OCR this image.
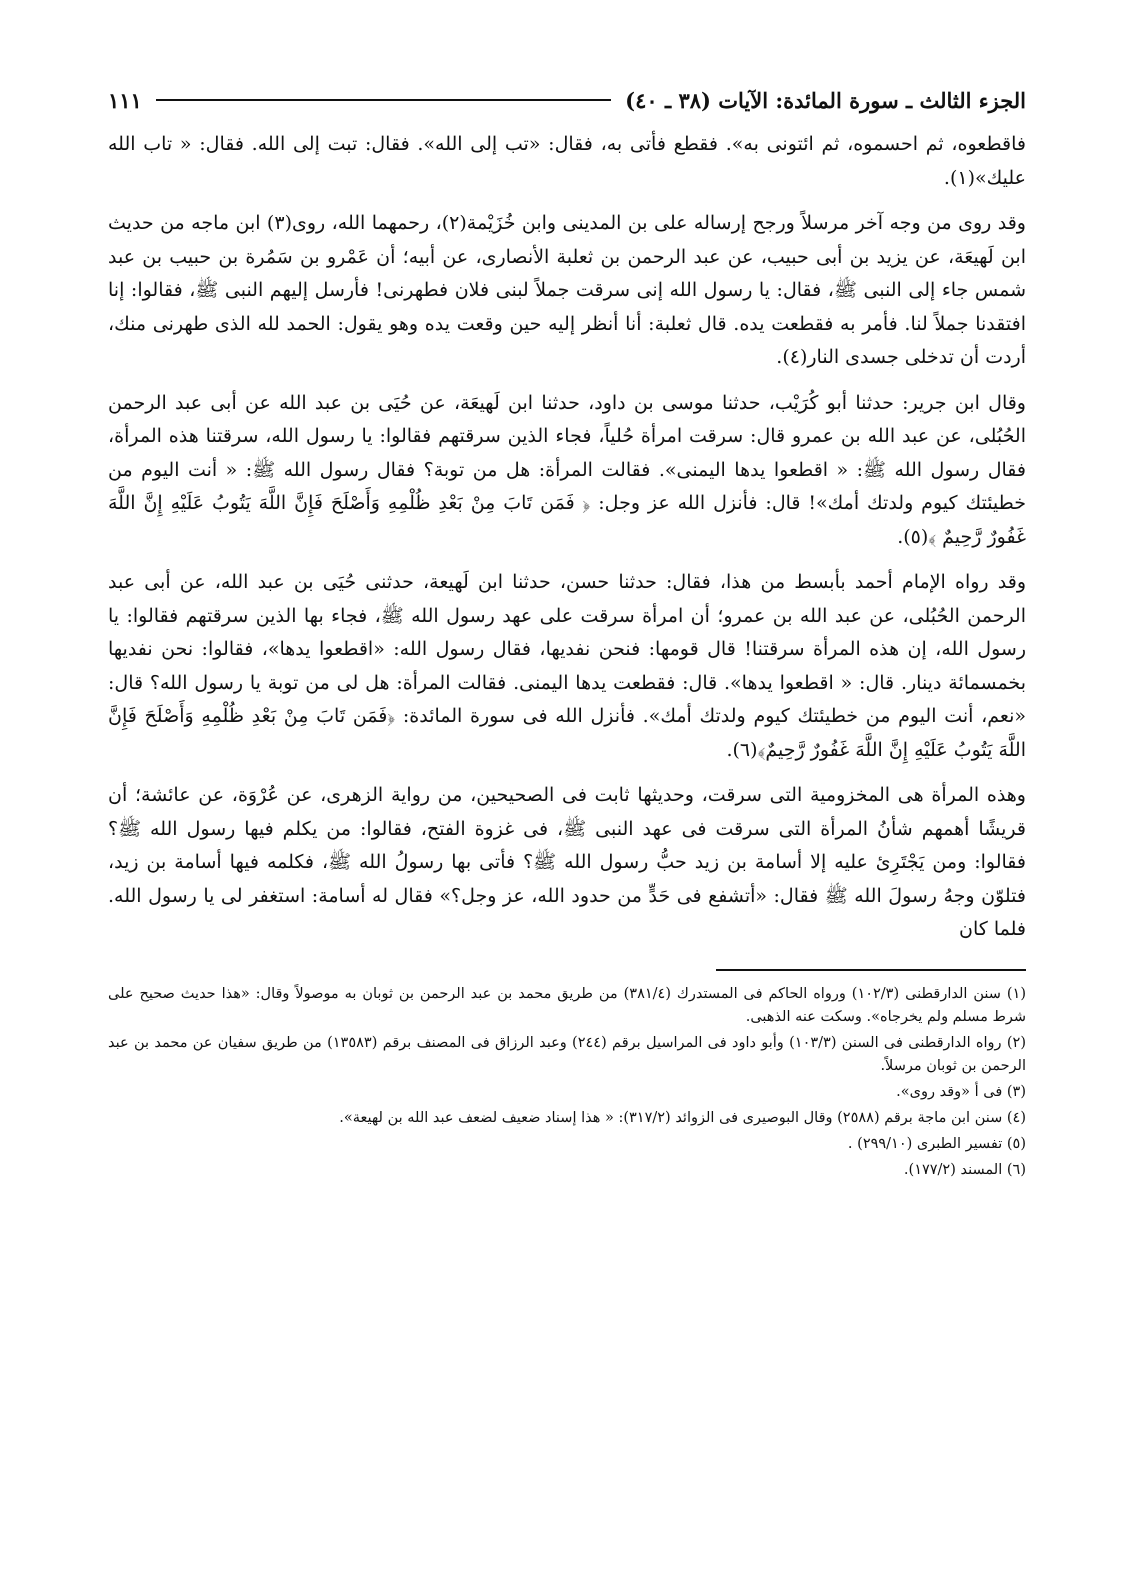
الجزء الثالث ـ سورة المائدة: الآيات (٣٨ ـ ٤٠)
١١١

فاقطعوه، ثم احسموه، ثم ائتونى به». فقطع فأتى به، فقال: «تب إلى الله». فقال: تبت إلى الله. فقال: « تاب الله عليك»(١).

وقد روى من وجه آخر مرسلاً ورجح إرساله على بن المدينى وابن خُزَيْمة(٢)، رحمهما الله، روى(٣) ابن ماجه من حديث ابن لَهيعَة، عن يزيد بن أبى حبيب، عن عبد الرحمن بن ثعلبة الأنصارى، عن أبيه؛ أن عَمْرو بن سَمُرة بن حبيب بن عبد شمس جاء إلى النبى ﷺ، فقال: يا رسول الله إنى سرقت جملاً لبنى فلان فطهرنى! فأرسل إليهم النبى ﷺ، فقالوا: إنا افتقدنا جملاً لنا. فأمر به فقطعت يده. قال ثعلبة: أنا أنظر إليه حين وقعت يده وهو يقول: الحمد لله الذى طهرنى منك، أردت أن تدخلى جسدى النار(٤).

وقال ابن جرير: حدثنا أبو كُرَيْب، حدثنا موسى بن داود، حدثنا ابن لَهيعَة، عن حُيَى بن عبد الله عن أبى عبد الرحمن الحُبُلى، عن عبد الله بن عمرو قال: سرقت امرأة حُلياً، فجاء الذين سرقتهم فقالوا: يا رسول الله، سرقتنا هذه المرأة، فقال رسول الله ﷺ: « اقطعوا يدها اليمنى». فقالت المرأة: هل من توبة؟ فقال رسول الله ﷺ: « أنت اليوم من خطيئتك كيوم ولدتك أمك»! قال: فأنزل الله عز وجل: ﴿ فَمَن تَابَ مِنْ بَعْدِ ظُلْمِهِ وَأَصْلَحَ فَإِنَّ اللَّهَ يَتُوبُ عَلَيْهِ إِنَّ اللَّهَ غَفُورٌ رَّحِيمٌ ﴾(٥).

وقد رواه الإمام أحمد بأبسط من هذا، فقال: حدثنا حسن، حدثنا ابن لَهيعة، حدثنى حُيَى بن عبد الله، عن أبى عبد الرحمن الحُبُلى، عن عبد الله بن عمرو؛ أن امرأة سرقت على عهد رسول الله ﷺ، فجاء بها الذين سرقتهم فقالوا: يا رسول الله، إن هذه المرأة سرقتنا! قال قومها: فنحن نفديها، فقال رسول الله: «اقطعوا يدها»، فقالوا: نحن نفديها بخمسمائة دينار. قال: « اقطعوا يدها». قال: فقطعت يدها اليمنى. فقالت المرأة: هل لى من توبة يا رسول الله؟ قال: «نعم، أنت اليوم من خطيئتك كيوم ولدتك أمك». فأنزل الله فى سورة المائدة: ﴿فَمَن تَابَ مِنْ بَعْدِ ظُلْمِهِ وَأَصْلَحَ فَإِنَّ اللَّهَ يَتُوبُ عَلَيْهِ إِنَّ اللَّهَ غَفُورٌ رَّحِيمٌ﴾(٦).

وهذه المرأة هى المخزومية التى سرقت، وحديثها ثابت فى الصحيحين، من رواية الزهرى، عن عُرْوَة، عن عائشة؛ أن قريشًا أهمهم شأنُ المرأة التى سرقت فى عهد النبى ﷺ، فى غزوة الفتح، فقالوا: من يكلم فيها رسول الله ﷺ؟ فقالوا: ومن يَجْتَرِئ عليه إلا أسامة بن زيد حبُّ رسول الله ﷺ؟ فأتى بها رسولُ الله ﷺ، فكلمه فيها أسامة بن زيد، فتلوّن وجهُ رسولَ الله ﷺ فقال: «أتشفع فى حَدٍّ من حدود الله، عز وجل؟» فقال له أسامة: استغفر لى يا رسول الله. فلما كان

(١) سنن الدارقطنى (١٠٢/٣) ورواه الحاكم فى المستدرك (٣٨١/٤) من طريق محمد بن عبد الرحمن بن ثوبان به موصولاً وقال: «هذا حديث صحيح على شرط مسلم ولم يخرجاه». وسكت عنه الذهبى.

(٢) رواه الدارقطنى فى السنن (١٠٣/٣) وأبو داود فى المراسيل برقم (٢٤٤) وعبد الرزاق فى المصنف برقم (١٣٥٨٣) من طريق سفيان عن محمد بن عبد الرحمن بن ثوبان مرسلاً.

(٣) فى أ «وقد روى».

(٤) سنن ابن ماجة برقم (٢٥٨٨) وقال البوصيرى فى الزوائد (٣١٧/٢): « هذا إسناد ضعيف لضعف عبد الله بن لهيعة».

(٥) تفسير الطبرى (٢٩٩/١٠) .

(٦) المسند (١٧٧/٢).
